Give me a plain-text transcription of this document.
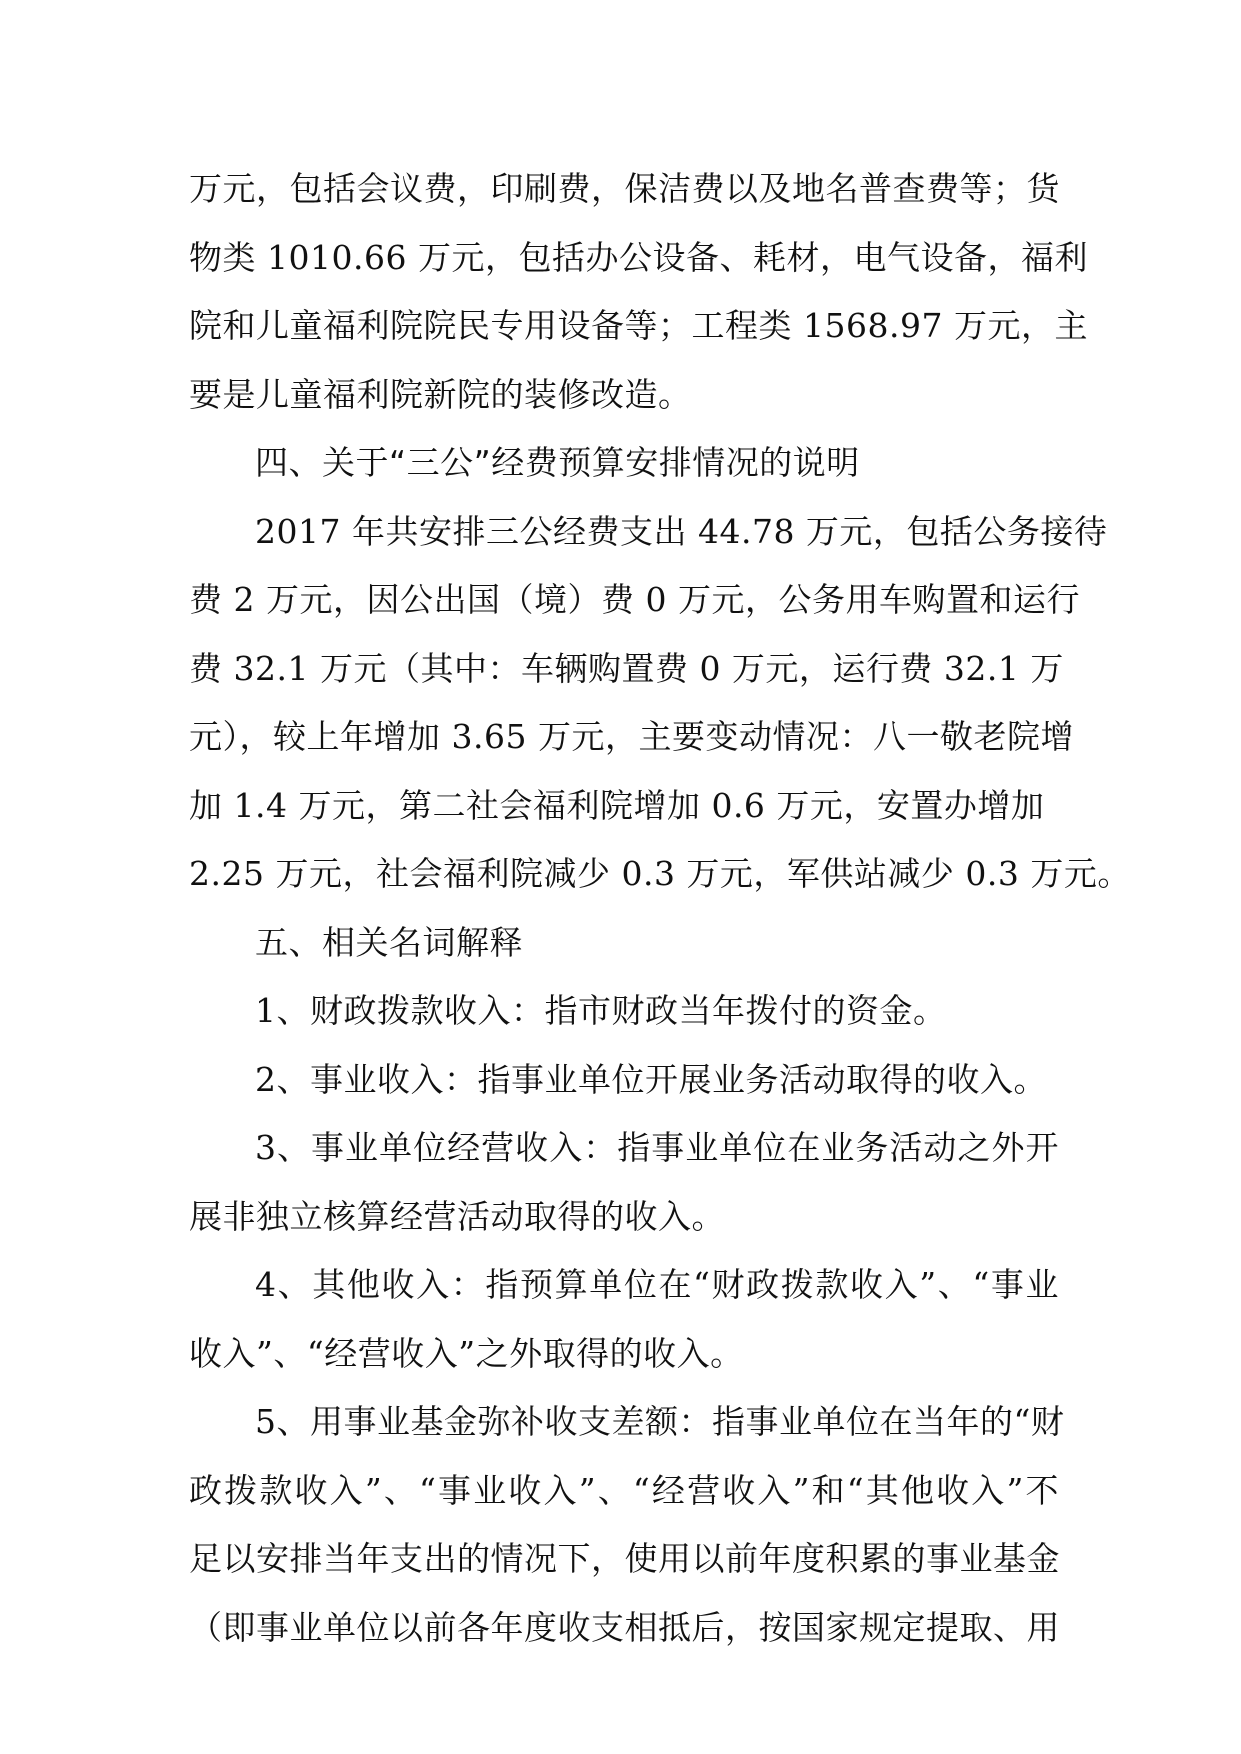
万元，包括会议费，印刷费，保洁费以及地名普查费等；货
物类 1010.66 万元，包括办公设备、耗材，电气设备，福利
院和儿童福利院院民专用设备等；工程类 1568.97 万元，主
要是儿童福利院新院的装修改造。
四、关于“三公”经费预算安排情况的说明
2017 年共安排三公经费支出 44.78 万元，包括公务接待
费 2 万元，因公出国（境）费 0 万元，公务用车购置和运行
费 32.1 万元（其中：车辆购置费 0 万元，运行费 32.1 万
元），较上年增加 3.65 万元，主要变动情况：八一敬老院增
加 1.4 万元，第二社会福利院增加 0.6 万元，安置办增加
2.25 万元，社会福利院减少 0.3 万元，军供站减少 0.3 万元。
五、相关名词解释
1、财政拨款收入：指市财政当年拨付的资金。
2、事业收入：指事业单位开展业务活动取得的收入。
3、事业单位经营收入：指事业单位在业务活动之外开
展非独立核算经营活动取得的收入。
4、其他收入：指预算单位在“财政拨款收入”、“事业
收入”、“经营收入”之外取得的收入。
5、用事业基金弥补收支差额：指事业单位在当年的“财
政拨款收入”、“事业收入”、“经营收入”和“其他收入”不
足以安排当年支出的情况下，使用以前年度积累的事业基金
（即事业单位以前各年度收支相抵后，按国家规定提取、用
